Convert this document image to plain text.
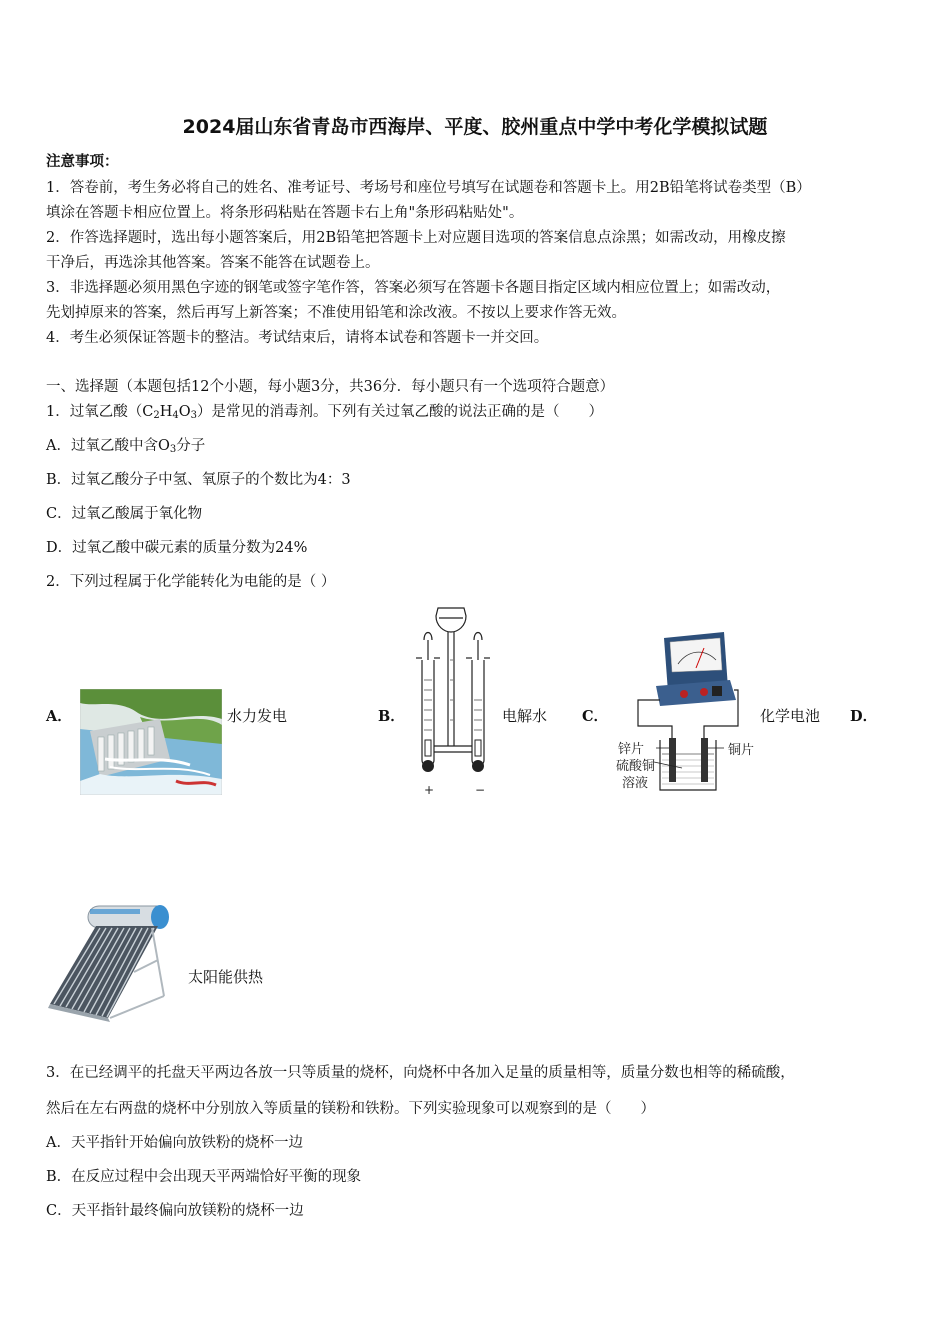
2024届山东省青岛市西海岸、平度、胶州重点中学中考化学模拟试题
注意事项：
1．答卷前，考生务必将自己的姓名、准考证号、考场号和座位号填写在试题卷和答题卡上。用2B铅笔将试卷类型（B）
填涂在答题卡相应位置上。将条形码粘贴在答题卡右上角"条形码粘贴处"。
2．作答选择题时，选出每小题答案后，用2B铅笔把答题卡上对应题目选项的答案信息点涂黑；如需改动，用橡皮擦
干净后，再选涂其他答案。答案不能答在试题卷上。
3．非选择题必须用黑色字迹的钢笔或签字笔作答，答案必须写在答题卡各题目指定区域内相应位置上；如需改动，
先划掉原来的答案，然后再写上新答案；不准使用铅笔和涂改液。不按以上要求作答无效。
4．考生必须保证答题卡的整洁。考试结束后，请将本试卷和答题卡一并交回。
一、选择题（本题包括12个小题，每小题3分，共36分．每小题只有一个选项符合题意）
1．过氧乙酸（C2H4O3）是常见的消毒剂。下列有关过氧乙酸的说法正确的是（　　）
A．过氧乙酸中含O3分子
B．过氧乙酸分子中氢、氧原子的个数比为4：3
C．过氧乙酸属于氧化物
D．过氧乙酸中碳元素的质量分数为24%
2．下列过程属于化学能转化为电能的是（ ）
A．	水力发电	B．
+	−
电解水 C．
锌片	铜片
硫酸铜
溶液
化学电池 D．
太阳能供热
3．在已经调平的托盘天平两边各放一只等质量的烧杯，向烧杯中各加入足量的质量相等，质量分数也相等的稀硫酸，
然后在左右两盘的烧杯中分别放入等质量的镁粉和铁粉。下列实验现象可以观察到的是（　　）
A．天平指针开始偏向放铁粉的烧杯一边
B．在反应过程中会出现天平两端恰好平衡的现象
C．天平指针最终偏向放镁粉的烧杯一边
